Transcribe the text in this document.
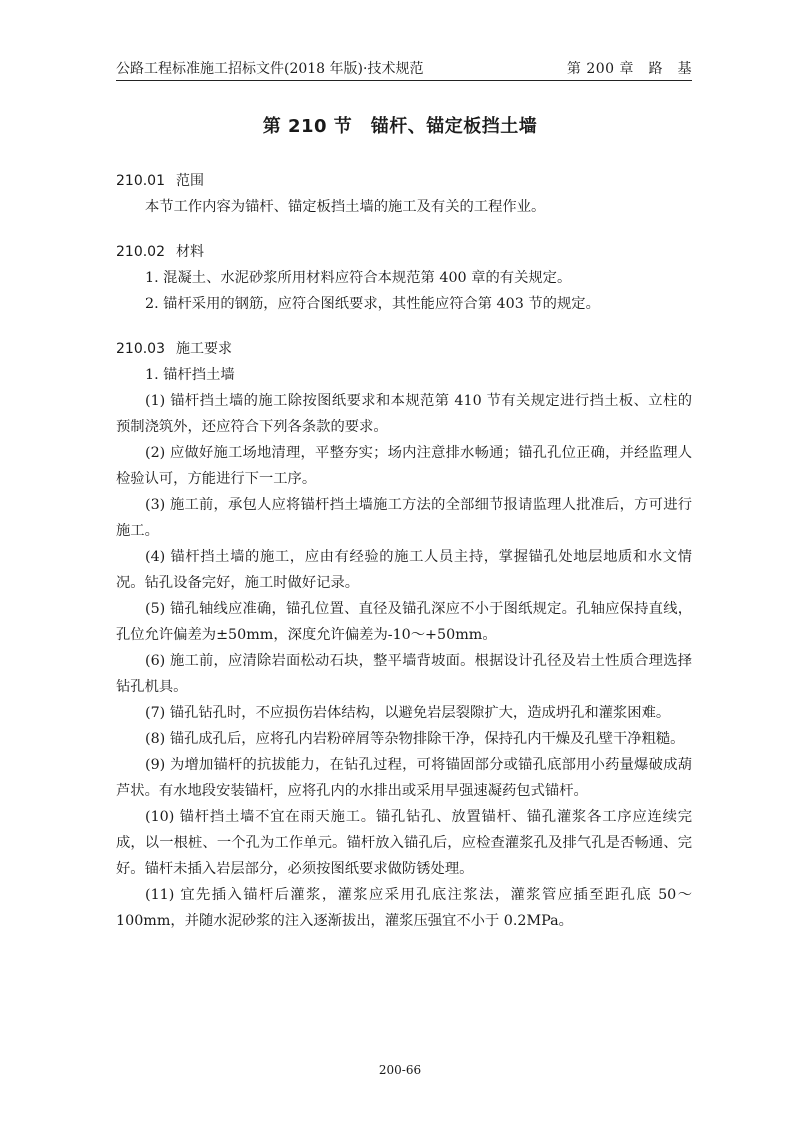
公路工程标准施工招标文件(2018 年版)·技术规范	第 200 章　路　基
第 210 节　锚杆、锚定板挡土墙
210.01 范围

本节工作内容为锚杆、锚定板挡土墙的施工及有关的工程作业。

210.02 材料

1. 混凝土、水泥砂浆所用材料应符合本规范第 400 章的有关规定。

2. 锚杆采用的钢筋，应符合图纸要求，其性能应符合第 403 节的规定。

210.03 施工要求

1. 锚杆挡土墙

(1) 锚杆挡土墙的施工除按图纸要求和本规范第 410 节有关规定进行挡土板、立柱的预制浇筑外，还应符合下列各条款的要求。

(2) 应做好施工场地清理，平整夯实；场内注意排水畅通；锚孔孔位正确，并经监理人检验认可，方能进行下一工序。

(3) 施工前，承包人应将锚杆挡土墙施工方法的全部细节报请监理人批准后，方可进行施工。

(4) 锚杆挡土墙的施工，应由有经验的施工人员主持，掌握锚孔处地层地质和水文情况。钻孔设备完好，施工时做好记录。

(5) 锚孔轴线应准确，锚孔位置、直径及锚孔深应不小于图纸规定。孔轴应保持直线，孔位允许偏差为±50mm，深度允许偏差为-10～+50mm。

(6) 施工前，应清除岩面松动石块，整平墙背坡面。根据设计孔径及岩土性质合理选择钻孔机具。

(7) 锚孔钻孔时，不应损伤岩体结构，以避免岩层裂隙扩大，造成坍孔和灌浆困难。

(8) 锚孔成孔后，应将孔内岩粉碎屑等杂物排除干净，保持孔内干燥及孔壁干净粗糙。

(9) 为增加锚杆的抗拔能力，在钻孔过程，可将锚固部分或锚孔底部用小药量爆破成葫芦状。有水地段安装锚杆，应将孔内的水排出或采用早强速凝药包式锚杆。

(10) 锚杆挡土墙不宜在雨天施工。锚孔钻孔、放置锚杆、锚孔灌浆各工序应连续完成，以一根桩、一个孔为工作单元。锚杆放入锚孔后，应检查灌浆孔及排气孔是否畅通、完好。锚杆未插入岩层部分，必须按图纸要求做防锈处理。

(11) 宜先插入锚杆后灌浆，灌浆应采用孔底注浆法，灌浆管应插至距孔底 50～100mm，并随水泥砂浆的注入逐渐拔出，灌浆压强宜不小于 0.2MPa。

200-66
